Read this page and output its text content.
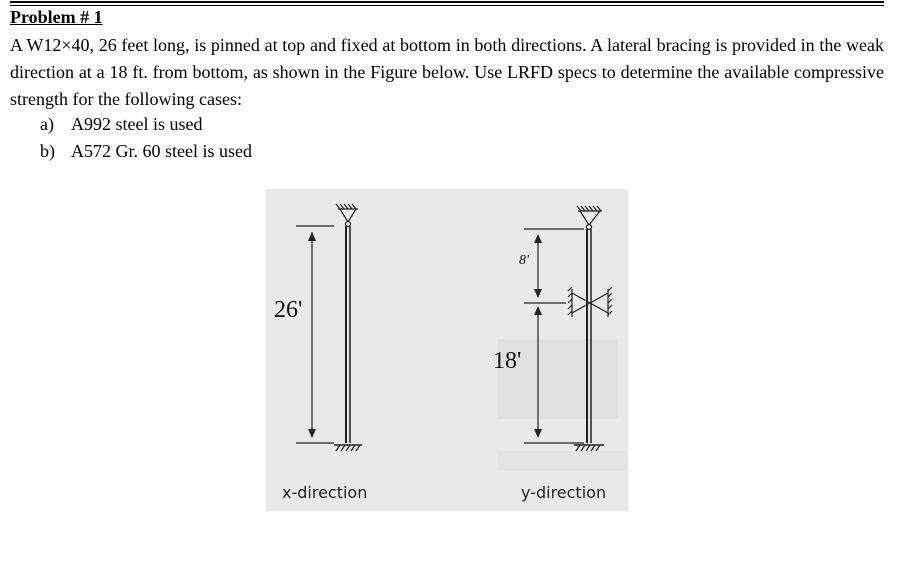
Problem # 1
A W12×40, 26 feet long, is pinned at top and fixed at bottom in both directions. A lateral bracing is provided in the weak direction at a 18 ft. from bottom, as shown in the Figure below. Use LRFD specs to determine the available compressive strength for the following cases:
a) A992 steel is used
b) A572 Gr. 60 steel is used
26'
8'
18'
x-direction	y-direction
